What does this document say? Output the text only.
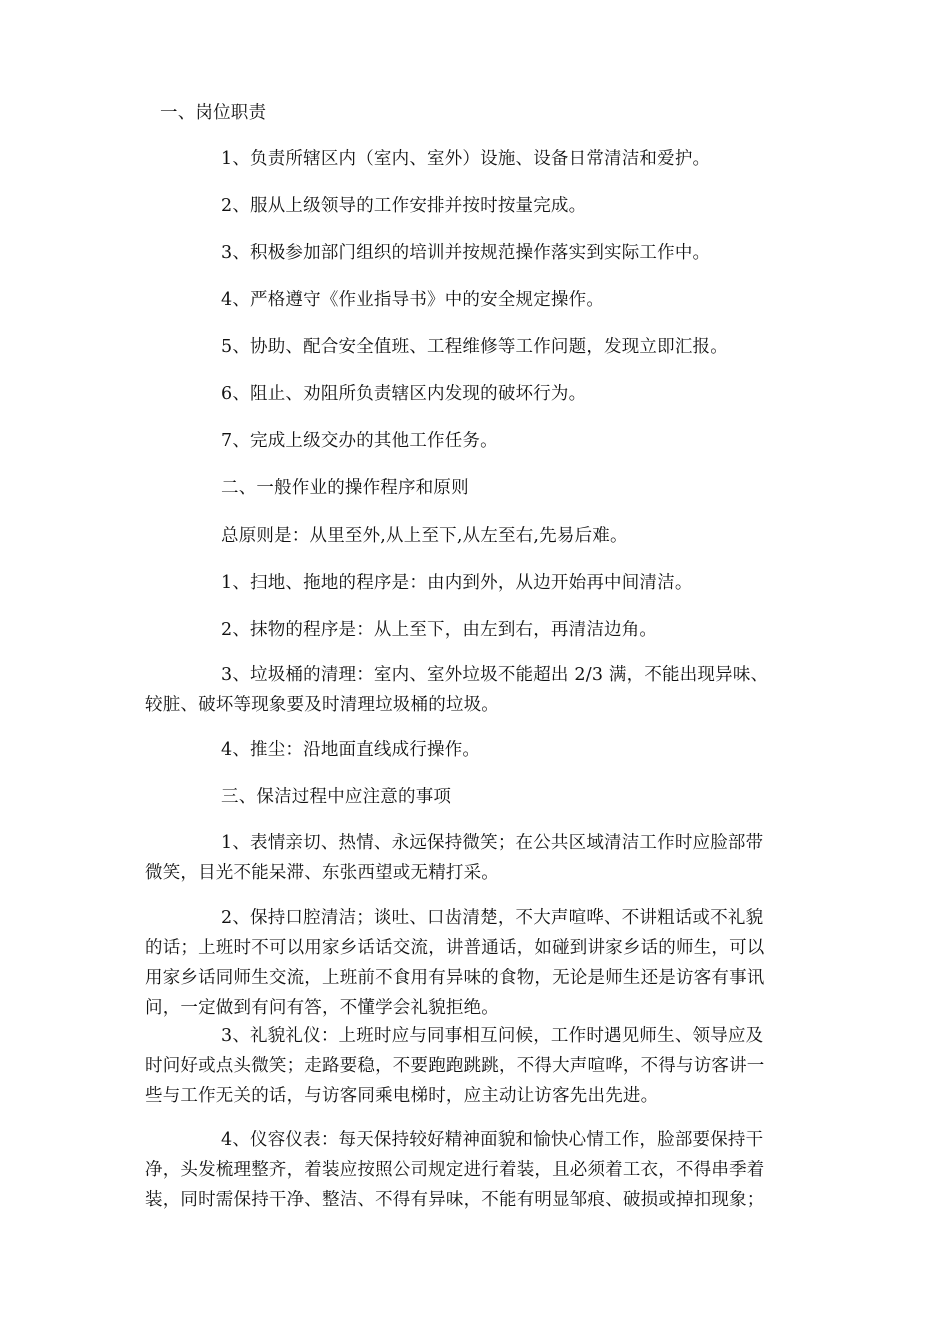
一、岗位职责
1、负责所辖区内（室内、室外）设施、设备日常清洁和爱护。
2、服从上级领导的工作安排并按时按量完成。
3、积极参加部门组织的培训并按规范操作落实到实际工作中。
4、严格遵守《作业指导书》中的安全规定操作。
5、协助、配合安全值班、工程维修等工作问题，发现立即汇报。
6、阻止、劝阻所负责辖区内发现的破坏行为。
7、完成上级交办的其他工作任务。
二、一般作业的操作程序和原则
总原则是：从里至外,从上至下,从左至右,先易后难。
1、扫地、拖地的程序是：由内到外，从边开始再中间清洁。
2、抹物的程序是：从上至下，由左到右，再清洁边角。
3、垃圾桶的清理：室内、室外垃圾不能超出 2/3 满，不能出现异味、
较脏、破坏等现象要及时清理垃圾桶的垃圾。
4、推尘：沿地面直线成行操作。
三、保洁过程中应注意的事项
1、表情亲切、热情、永远保持微笑；在公共区域清洁工作时应脸部带
微笑，目光不能呆滞、东张西望或无精打采。
2、保持口腔清洁；谈吐、口齿清楚，不大声喧哗、不讲粗话或不礼貌
的话；上班时不可以用家乡话话交流，讲普通话，如碰到讲家乡话的师生，可以
用家乡话同师生交流，上班前不食用有异味的食物，无论是师生还是访客有事讯
问，一定做到有问有答，不懂学会礼貌拒绝。
3、礼貌礼仪：上班时应与同事相互问候，工作时遇见师生、领导应及
时问好或点头微笑；走路要稳，不要跑跑跳跳，不得大声喧哗，不得与访客讲一
些与工作无关的话，与访客同乘电梯时，应主动让访客先出先进。
4、仪容仪表：每天保持较好精神面貌和愉快心情工作，脸部要保持干
净，头发梳理整齐，着装应按照公司规定进行着装，且必须着工衣，不得串季着
装，同时需保持干净、整洁、不得有异味，不能有明显邹痕、破损或掉扣现象；
